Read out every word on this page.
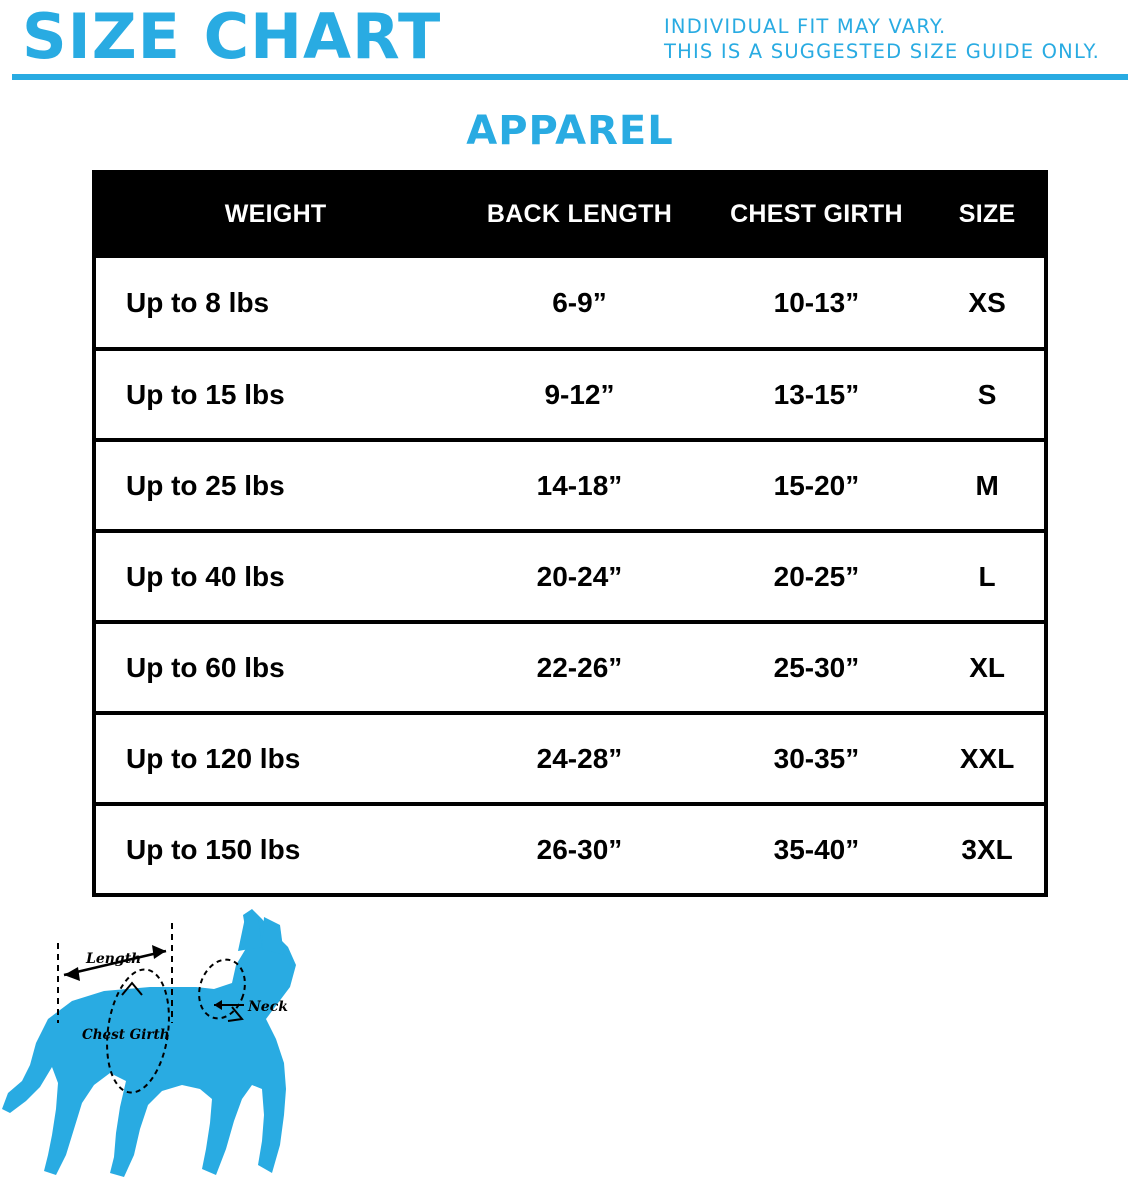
SIZE CHART	INDIVIDUAL FIT MAY VARY.
THIS IS A SUGGESTED SIZE GUIDE ONLY.
APPAREL
WEIGHT	BACK LENGTH	CHEST GIRTH	SIZE
Up to 8 lbs	6-9”	10-13”	XS
Up to 15 lbs	9-12”	13-15”	S
Up to 25 lbs	14-18”	15-20”	M
Up to 40 lbs	20-24”	20-25”	L
Up to 60 lbs	22-26”	25-30”	XL
Up to 120 lbs	24-28”	30-35”	XXL
Up to 150 lbs	26-30”	35-40”	3XL
Length
Neck
Chest Girth
